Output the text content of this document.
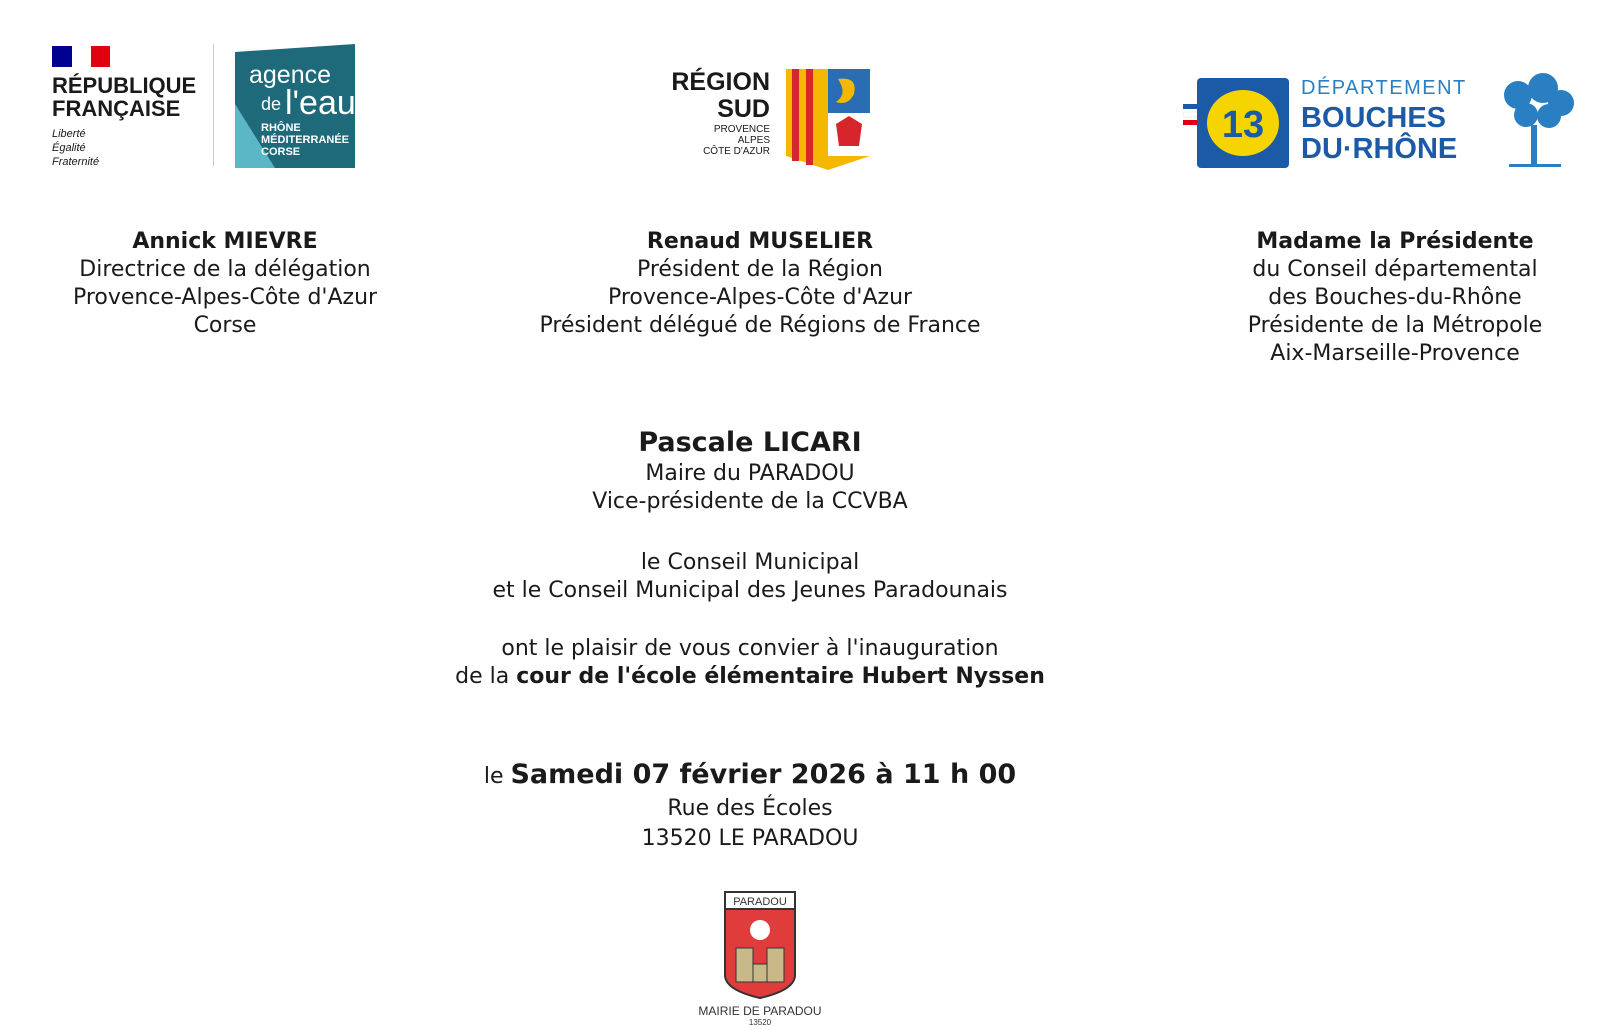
RÉPUBLIQUE
FRANÇAISE
Liberté
Égalité
Fraternité
agence
de l'eau
RHÔNE
MÉDITERRANÉE
CORSE
RÉGION
SUD
PROVENCE
ALPES
CÔTE D'AZUR
13
DÉPARTEMENT
BOUCHES
DU·RHÔNE
Annick MIEVRE
Directrice de la délégation
Provence-Alpes-Côte d'Azur
Corse
Renaud MUSELIER
Président de la Région
Provence-Alpes-Côte d'Azur
Président délégué de Régions de France
Madame la Présidente
du Conseil départemental
des Bouches-du-Rhône
Présidente de la Métropole
Aix-Marseille-Provence
Pascale LICARI
Maire du PARADOU
Vice-présidente de la CCVBA
le Conseil Municipal
et le Conseil Municipal des Jeunes Paradounais
ont le plaisir de vous convier à l'inauguration
de la cour de l'école élémentaire Hubert Nyssen
le Samedi 07 février 2026 à 11 h 00
Rue des Écoles
13520 LE PARADOU
PARADOU
MAIRIE DE PARADOU
13520
